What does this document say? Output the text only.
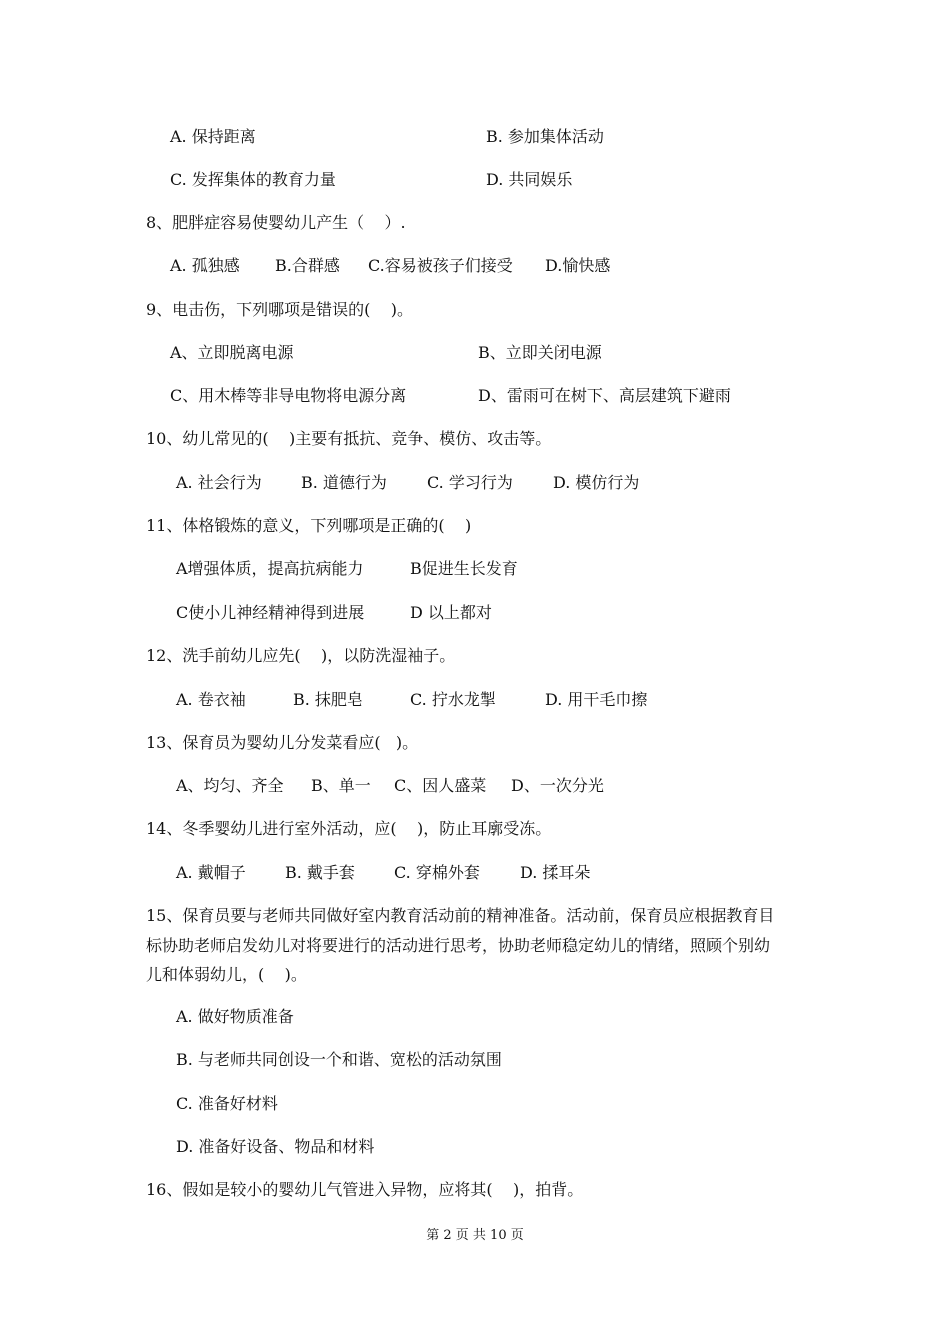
A. 保持距离	B. 参加集体活动
C. 发挥集体的教育力量	D. 共同娱乐
8、肥胖症容易使婴幼儿产生（    ）.
A. 孤独感 B.合群感 C.容易被孩子们接受 D.愉快感
9、电击伤，下列哪项是错误的(    )。
A、立即脱离电源	B、立即关闭电源
C、用木棒等非导电物将电源分离	D、雷雨可在树下、高层建筑下避雨
10、幼儿常见的(    )主要有抵抗、竞争、模仿、攻击等。
A. 社会行为 B. 道德行为	C. 学习行为	D. 模仿行为
11、体格锻炼的意义，下列哪项是正确的(    )
A增强体质，提高抗病能力	B促进生长发育
C使小儿神经精神得到进展	D 以上都对
12、洗手前幼儿应先(    )，以防洗湿袖子。
A. 卷衣袖	B. 抹肥皂	C. 拧水龙掣	D. 用干毛巾擦
13、保育员为婴幼儿分发菜看应(   )。
A、均匀、齐全 B、单一 C、因人盛菜 D、一次分光
14、冬季婴幼儿进行室外活动，应(    )，防止耳廓受冻。
A. 戴帽子 B. 戴手套 C. 穿棉外套	D. 揉耳朵
15、保育员要与老师共同做好室内教育活动前的精神准备。活动前，保育员应根据教育目
标协助老师启发幼儿对将要进行的活动进行思考，协助老师稳定幼儿的情绪，照顾个别幼
儿和体弱幼儿，(    )。
A. 做好物质准备
B. 与老师共同创设一个和谐、宽松的活动氛围
C. 准备好材料
D. 准备好设备、物品和材料
16、假如是较小的婴幼儿气管进入异物，应将其(    )，拍背。
第 2 页 共 10 页
